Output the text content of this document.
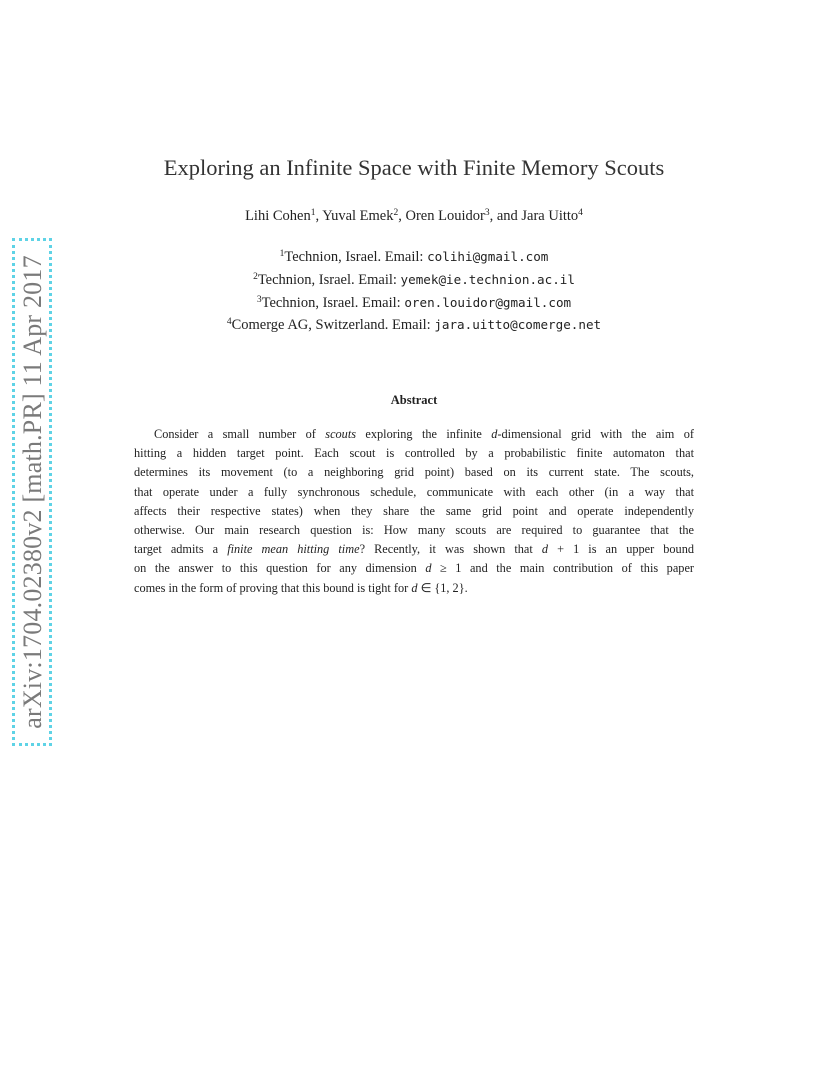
arXiv:1704.02380v2 [math.PR] 11 Apr 2017
Exploring an Infinite Space with Finite Memory Scouts
Lihi Cohen$^1$, Yuval Emek$^2$, Oren Louidor$^3$, and Jara Uitto$^4$
$^1$Technion, Israel. Email: colihi@gmail.com
$^2$Technion, Israel. Email: yemek@ie.technion.ac.il
$^3$Technion, Israel. Email: oren.louidor@gmail.com
$^4$Comerge AG, Switzerland. Email: jara.uitto@comerge.net
Abstract
Consider a small number of scouts exploring the infinite d-dimensional grid with the aim of
hitting a hidden target point. Each scout is controlled by a probabilistic finite automaton that
determines its movement (to a neighboring grid point) based on its current state. The scouts,
that operate under a fully synchronous schedule, communicate with each other (in a way that
affects their respective states) when they share the same grid point and operate independently
otherwise. Our main research question is: How many scouts are required to guarantee that the
target admits a finite mean hitting time? Recently, it was shown that d + 1 is an upper bound
on the answer to this question for any dimension d ≥ 1 and the main contribution of this paper
comes in the form of proving that this bound is tight for d ∈ {1, 2}.
